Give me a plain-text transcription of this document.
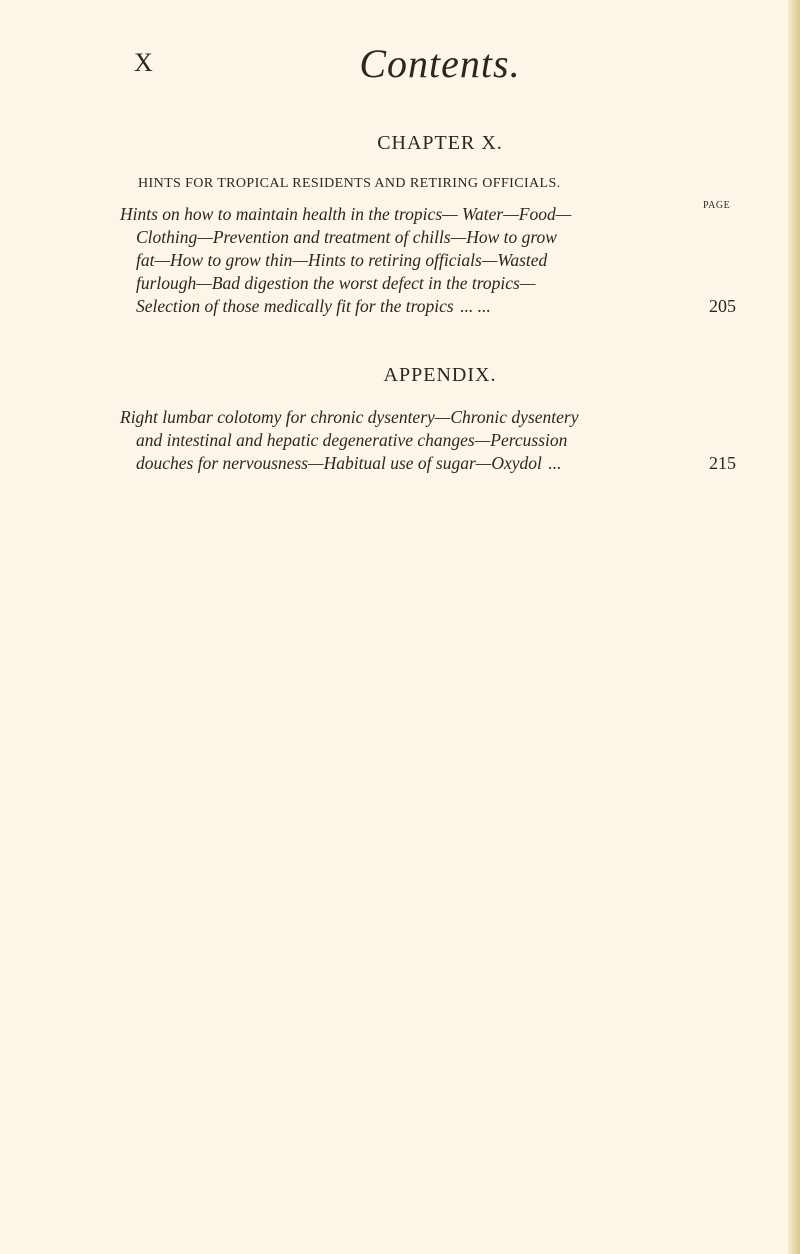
X	Contents.
CHAPTER X.
HINTS FOR TROPICAL RESIDENTS AND RETIRING OFFICIALS.
PAGE
Hints on how to maintain health in the tropics— Water—Food—
Clothing—Prevention and treatment of chills—How to grow
fat—How to grow thin—Hints to retiring officials—Wasted
furlough—Bad digestion the worst defect in the tropics—
Selection of those medically fit for the tropics ... ...	205
APPENDIX.
Right lumbar colotomy for chronic dysentery—Chronic dysentery
and intestinal and hepatic degenerative changes—Percussion
douches for nervousness—Habitual use of sugar—Oxydol ...	215
